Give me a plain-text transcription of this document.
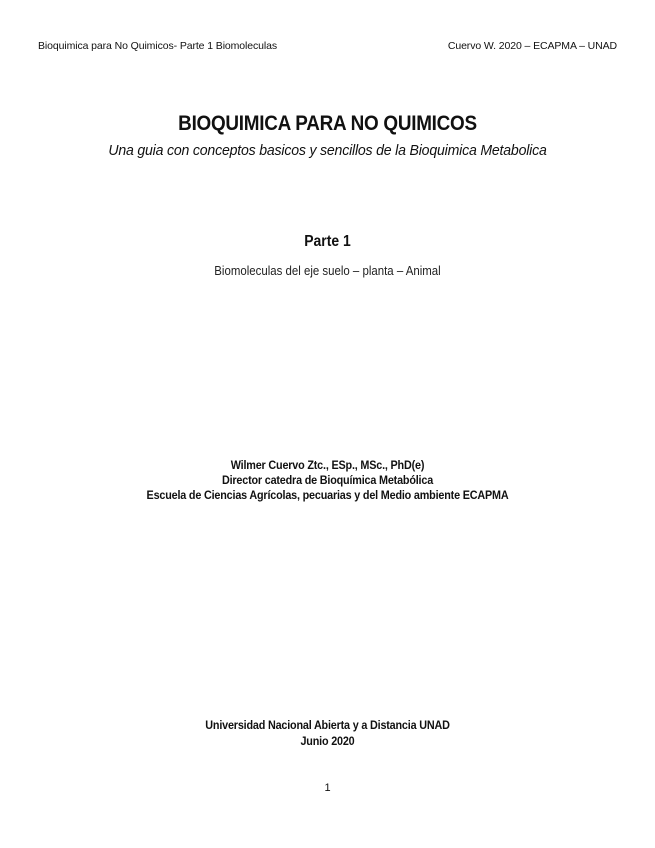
Bioquimica para No Quimicos- Parte 1 Biomoleculas	Cuervo W. 2020 – ECAPMA – UNAD
BIOQUIMICA PARA NO QUIMICOS
Una guia con conceptos basicos y sencillos de la Bioquimica Metabolica
Parte 1
Biomoleculas del eje suelo – planta – Animal
Wilmer Cuervo Ztc., ESp., MSc., PhD(e)
Director catedra de Bioquímica Metabólica
Escuela de Ciencias Agrícolas, pecuarias y del Medio ambiente ECAPMA
Universidad Nacional Abierta y a Distancia UNAD
Junio 2020
1
